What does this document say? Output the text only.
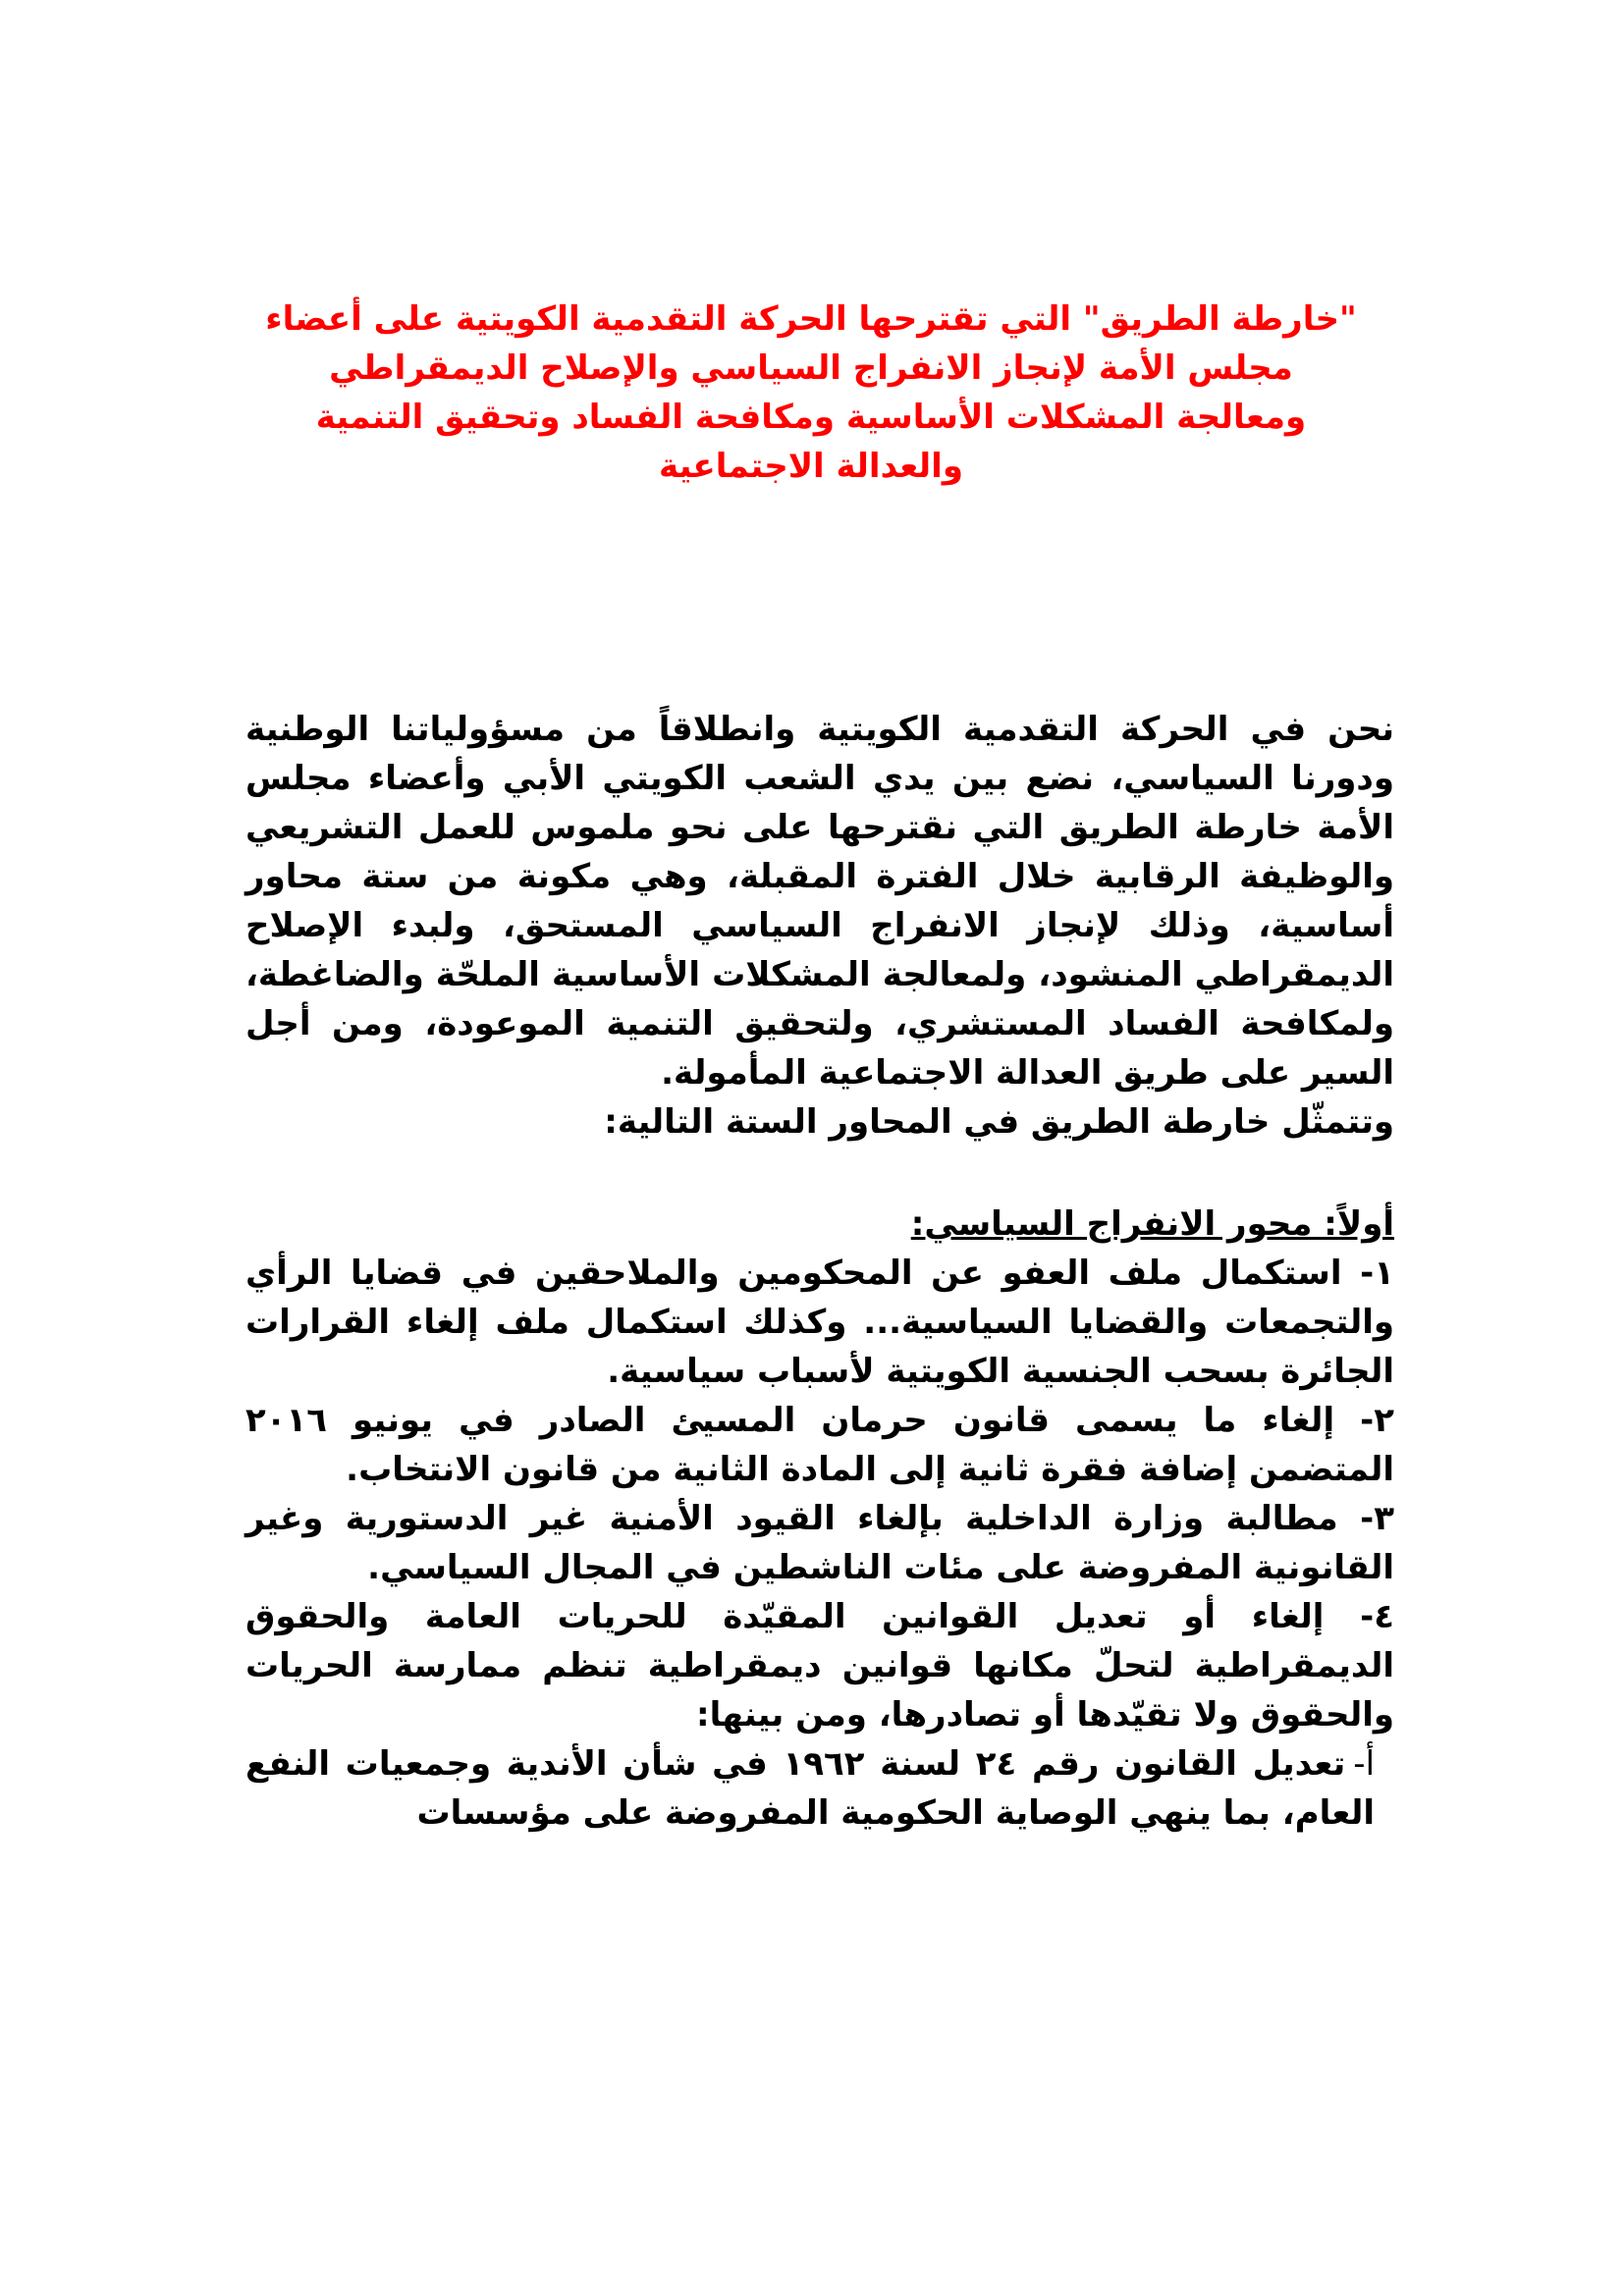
"خارطة الطريق" التي تقترحها الحركة التقدمية الكويتية على أعضاء مجلس الأمة لإنجاز الانفراج السياسي والإصلاح الديمقراطي ومعالجة المشكلات الأساسية ومكافحة الفساد وتحقيق التنمية والعدالة الاجتماعية

نحن في الحركة التقدمية الكويتية وانطلاقاً من مسؤولياتنا الوطنية ودورنا السياسي، نضع بين يدي الشعب الكويتي الأبي وأعضاء مجلس الأمة خارطة الطريق التي نقترحها على نحو ملموس للعمل التشريعي والوظيفة الرقابية خلال الفترة المقبلة، وهي مكونة من ستة محاور أساسية، وذلك لإنجاز الانفراج السياسي المستحق، ولبدء الإصلاح الديمقراطي المنشود، ولمعالجة المشكلات الأساسية الملحّة والضاغطة، ولمكافحة الفساد المستشري، ولتحقيق التنمية الموعودة، ومن أجل السير على طريق العدالة الاجتماعية المأمولة.

وتتمثّل خارطة الطريق في المحاور الستة التالية:

أولاً: محور الانفراج السياسي:

١- استكمال ملف العفو عن المحكومين والملاحقين في قضايا الرأي والتجمعات والقضايا السياسية... وكذلك استكمال ملف إلغاء القرارات الجائرة بسحب الجنسية الكويتية لأسباب سياسية.

٢- إلغاء ما يسمى قانون حرمان المسيئ الصادر في يونيو ٢٠١٦ المتضمن إضافة فقرة ثانية إلى المادة الثانية من قانون الانتخاب.

٣- مطالبة وزارة الداخلية بإلغاء القيود الأمنية غير الدستورية وغير القانونية المفروضة على مئات الناشطين في المجال السياسي.

٤- إلغاء أو تعديل القوانين المقيّدة للحريات العامة والحقوق الديمقراطية لتحلّ مكانها قوانين ديمقراطية تنظم ممارسة الحريات والحقوق ولا تقيّدها أو تصادرها، ومن بينها:

أ-تعديل القانون رقم ٢٤ لسنة ١٩٦٢ في شأن الأندية وجمعيات النفع العام، بما ينهي الوصاية الحكومية المفروضة على مؤسسات
